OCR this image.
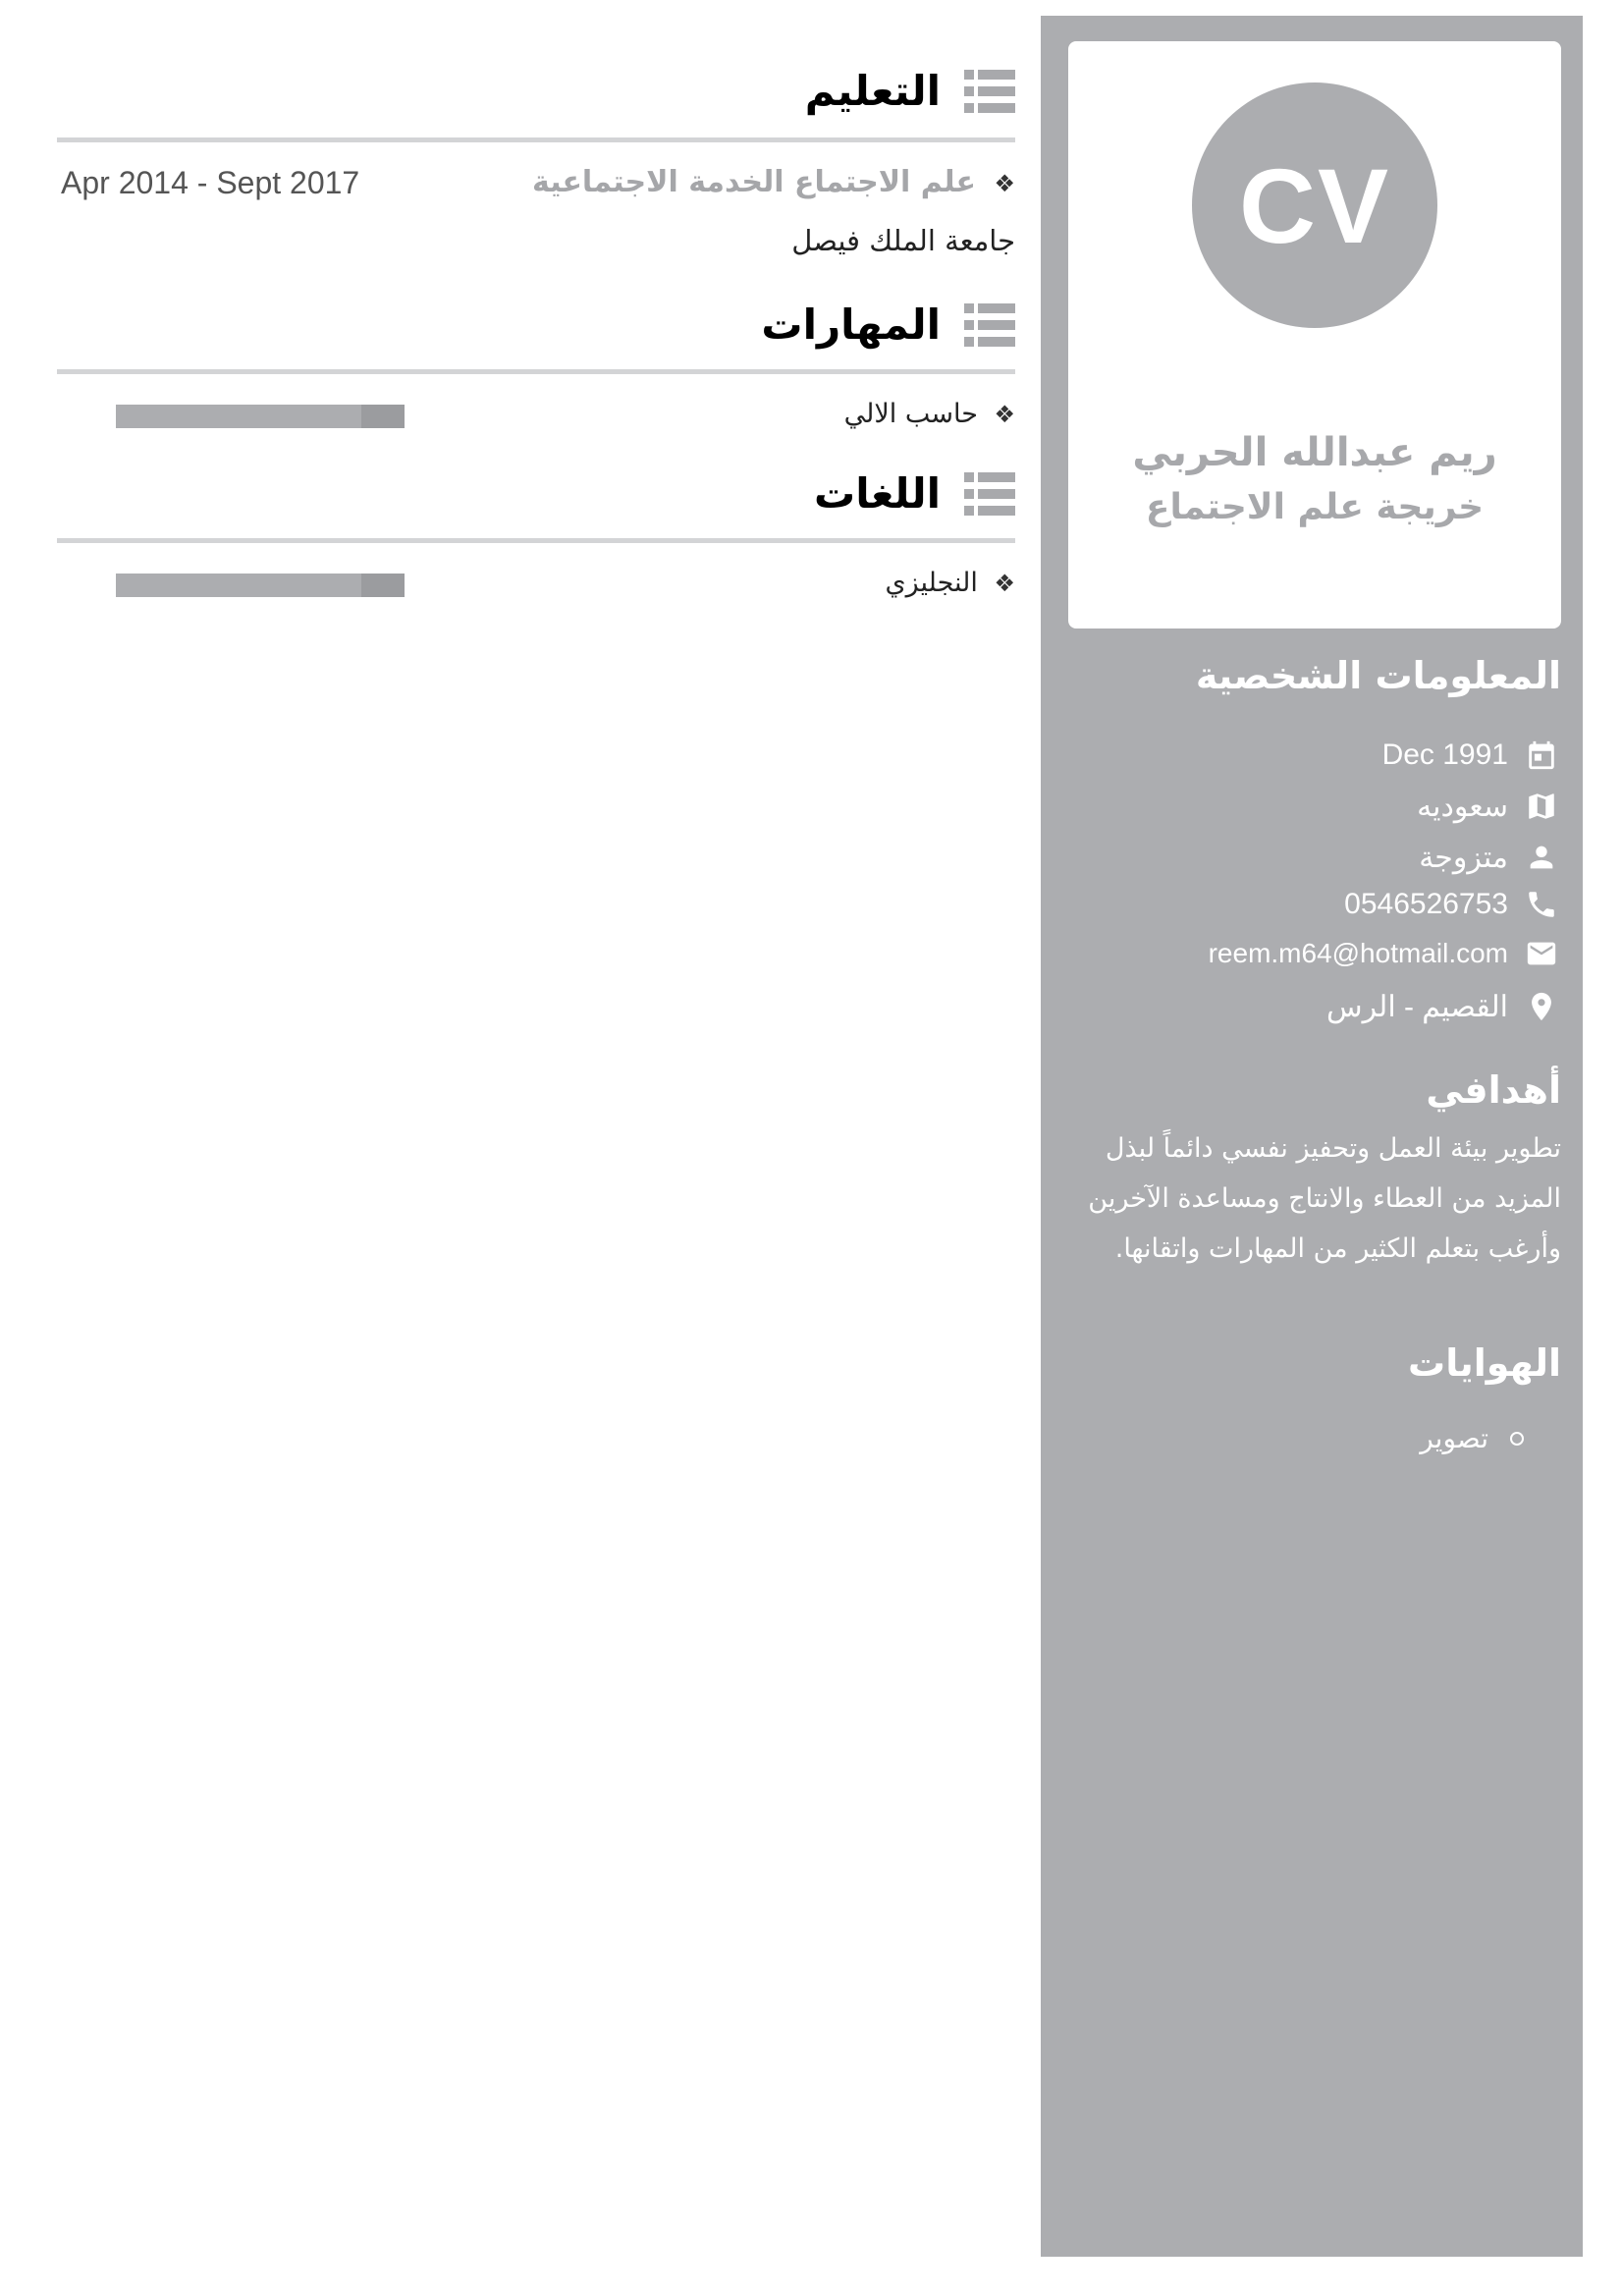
CV
ريم عبدالله الحربي
خريجة علم الاجتماع
المعلومات الشخصية
Dec 1991
سعوديه
متزوجة
0546526753
reem.m64@hotmail.com
القصيم - الرس
أهدافي
تطوير بيئة العمل وتحفيز نفسي دائماً لبذل المزيد من العطاء والانتاج ومساعدة الآخرين وأرغب بتعلم الكثير من المهارات واتقانها.
الهوايات
تصوير
التعليم
❖ علم الاجتماع الخدمة الاجتماعية
Apr 2014 - Sept 2017
جامعة الملك فيصل
المهارات
❖ حاسب الالي
اللغات
❖ النجليزي
